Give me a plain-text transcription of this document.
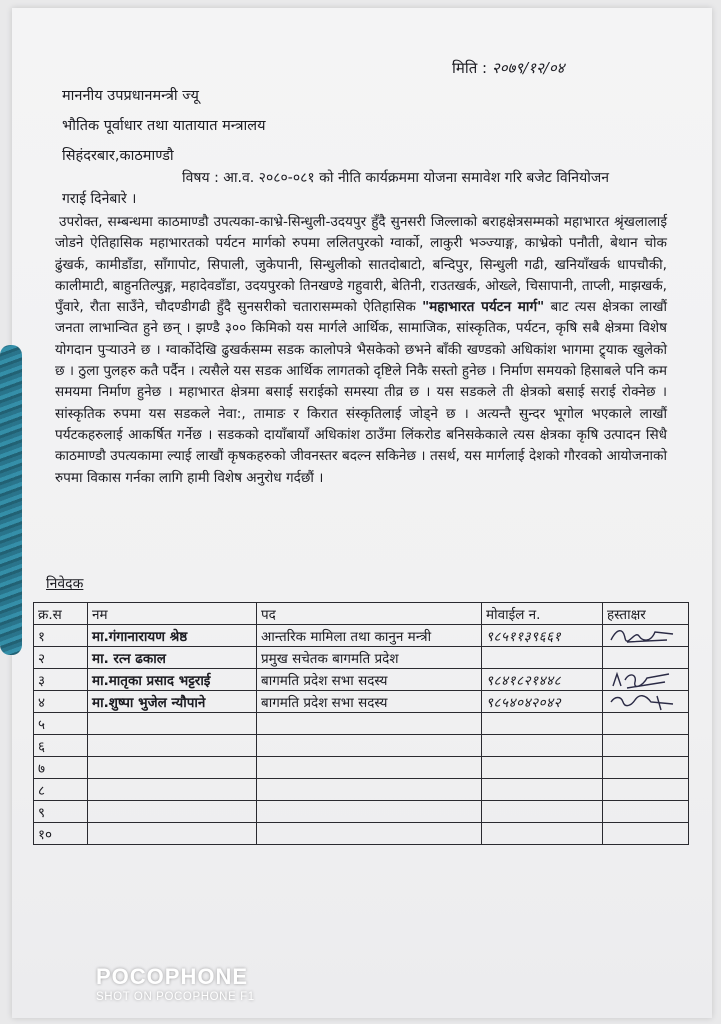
मिति : २०७९/१२/०४
माननीय उपप्रधानमन्त्री ज्यू
भौतिक पूर्वाधार तथा यातायात मन्त्रालय
सिहंदरबार,काठमाण्डौ
विषय : आ.व. २०८०-०८१ को नीति कार्यक्रममा योजना समावेश गरि बजेट विनियोजन गराई दिनेबारे ।
उपरोक्त, सम्बन्धमा काठमाण्डौ उपत्यका-काभ्रे-सिन्धुली-उदयपुर हुँदै सुनसरी जिल्लाको बराहक्षेत्रसम्मको महाभारत श्रृंखलालाई जोडने ऐतिहासिक महाभारतको पर्यटन मार्गको रुपमा ललितपुरको ग्वार्को, लाकुरी भञ्ज्याङ्ग, काभ्रेको पनौती, बेथान चोक ढुंखर्क, कामीडाँडा, साँगापोट, सिपाली, जुकेपानी, सिन्धुलीको सातदोबाटो, बन्दिपुर, सिन्धुली गढी, खनियाँखर्क धापचौकी, कालीमाटी, बाहुनतिल्पुङ्ग, महादेवडाँडा, उदयपुरको तिनखण्डे गहुवारी, बेतिनी, राउतखर्क, ओख्ले, चिसापानी, ताप्ली, माझखर्क, पुँवारे, रौता साउँने, चौदण्डीगढी हुँदै सुनसरीको चतारासम्मको ऐतिहासिक "महाभारत पर्यटन मार्ग" बाट त्यस क्षेत्रका लाखौं जनता लाभान्वित हुने छन् । झण्डै ३०० किमिको यस मार्गले आर्थिक, सामाजिक, सांस्कृतिक, पर्यटन, कृषि सबै क्षेत्रमा विशेष योगदान पुऱ्याउने छ । ग्वार्कोदेखि ढुखर्कसम्म सडक कालोपत्रे भैसकेको छभने बाँकी खण्डको अधिकांश भागमा ट्र्याक खुलेको छ । ठुला पुलहरु कतै पर्दैन । त्यसैले यस सडक आर्थिक लागतको दृष्टिले निकै सस्तो हुनेछ । निर्माण समयको हिसाबले पनि कम समयमा निर्माण हुनेछ । महाभारत क्षेत्रमा बसाई सराईको समस्या तीव्र छ । यस सडकले ती क्षेत्रको बसाई सराई रोक्नेछ । सांस्कृतिक रुपमा यस सडकले नेवा:, तामाङ र किरात संस्कृतिलाई जोड्ने छ । अत्यन्तै सुन्दर भूगोल भएकाले लाखौं पर्यटकहरुलाई आकर्षित गर्नेछ । सडकको दायाँबायाँ अधिकांश ठाउँमा लिंकरोड बनिसकेकाले त्यस क्षेत्रका कृषि उत्पादन सिधै काठमाण्डौ उपत्यकामा ल्याई लाखौं कृषकहरुको जीवनस्तर बदल्न सकिनेछ । तसर्थ, यस मार्गलाई देशको गौरवको आयोजनाको रुपमा विकास गर्नका लागि हामी विशेष अनुरोध गर्दछौं ।
निवेदक
क्र.स	नम	पद	मोवाईल न.	हस्ताक्षर
१	मा.गंगानारायण श्रेष्ठ	आन्तरिक मामिला तथा कानुन मन्त्री	९८५११३९६६१	

२	मा. रत्न ढकाल	प्रमुख सचेतक बागमति प्रदेश		
३	मा.मातृका प्रसाद भट्टराई	बागमति प्रदेश सभा सदस्य	९८४१८२१४४८	

४	मा.शुष्पा भुजेल न्यौपाने	बागमति प्रदेश सभा सदस्य	९८५४०४२०४२	

५				
६				
७				
८				
९				
१०				
POCOPHONE
SHOT ON POCOPHONE F1
